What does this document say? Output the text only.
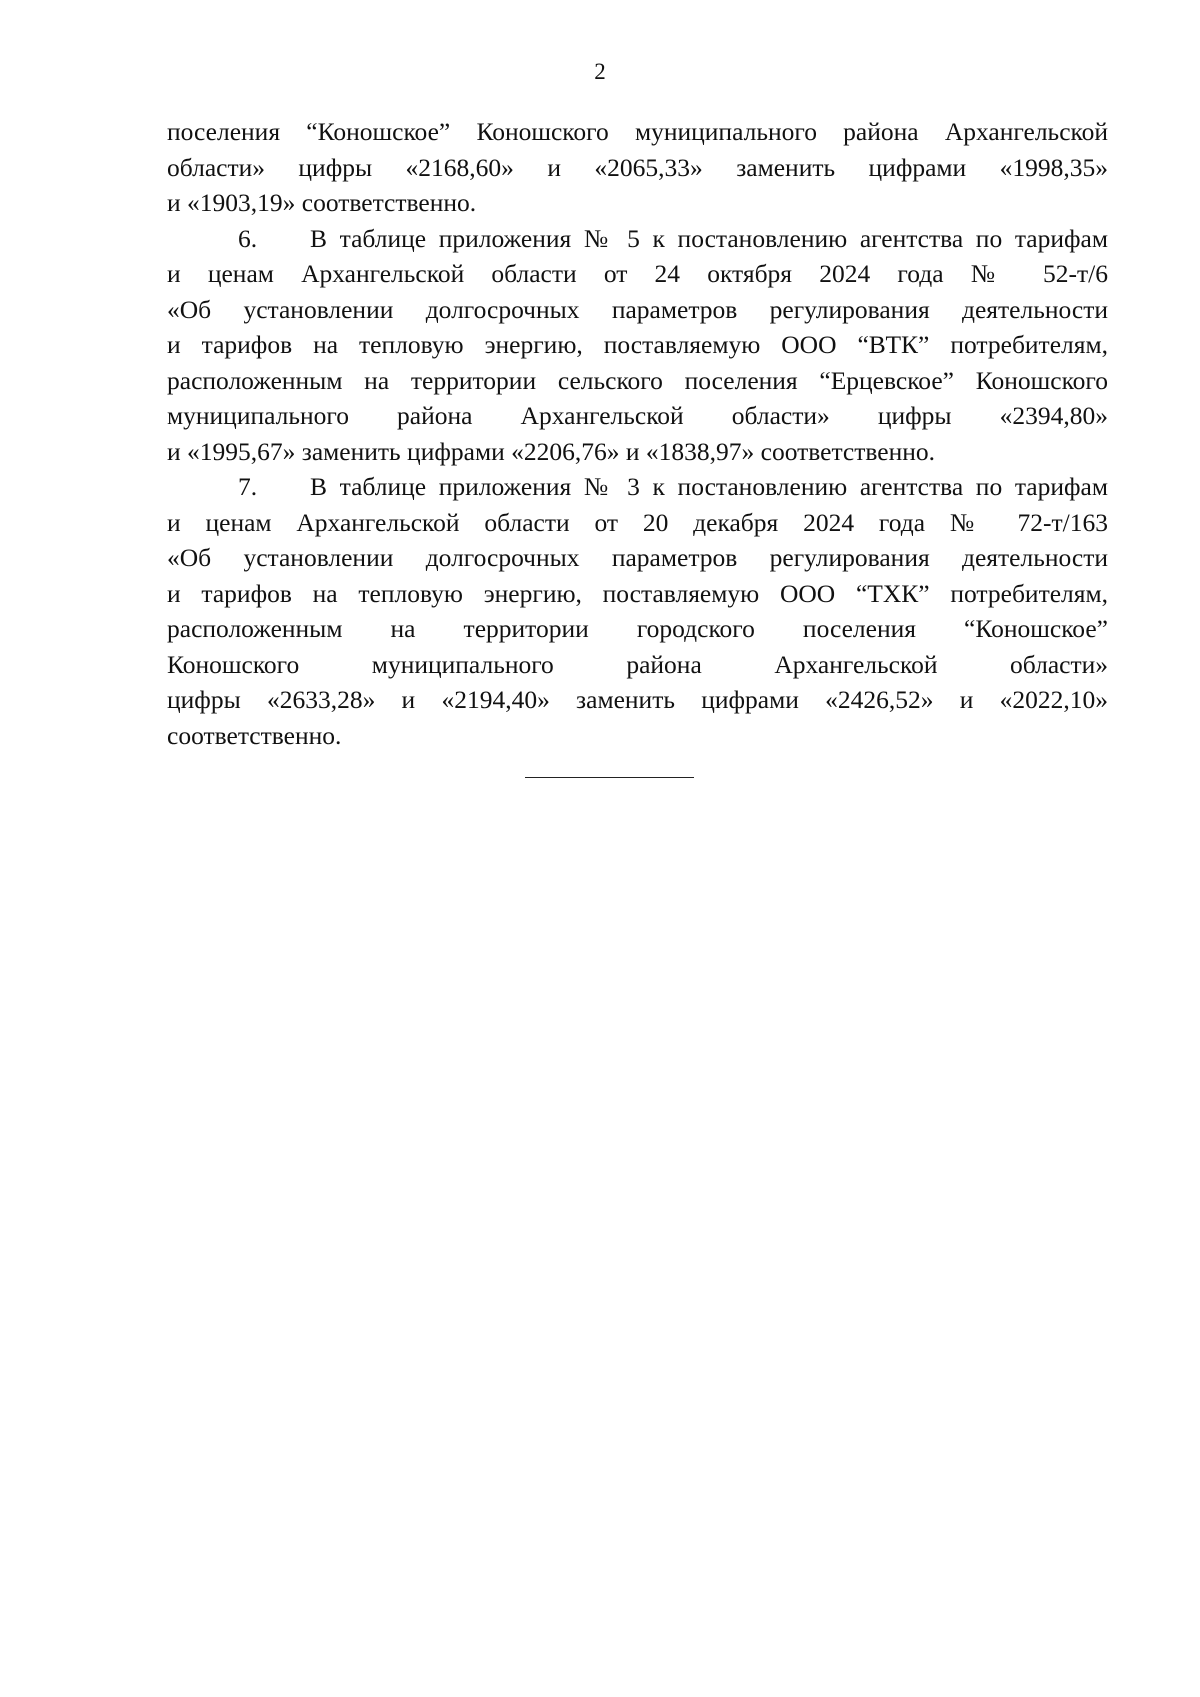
2
поселения “Коношское” Коношского муниципального района Архангельской
области» цифры «2168,60» и «2065,33» заменить цифрами «1998,35»
и «1903,19» соответственно.
6. В таблице приложения № 5 к постановлению агентства по тарифам
и ценам Архангельской области от 24 октября 2024 года № 52-т/6
«Об установлении долгосрочных параметров регулирования деятельности
и тарифов на тепловую энергию, поставляемую ООО “ВТК” потребителям,
расположенным на территории сельского поселения “Ерцевское” Коношского
муниципального района Архангельской области» цифры «2394,80»
и «1995,67» заменить цифрами «2206,76» и «1838,97» соответственно.
7. В таблице приложения № 3 к постановлению агентства по тарифам
и ценам Архангельской области от 20 декабря 2024 года № 72-т/163
«Об установлении долгосрочных параметров регулирования деятельности
и тарифов на тепловую энергию, поставляемую ООО “ТХК” потребителям,
расположенным на территории городского поселения “Коношское”
Коношского муниципального района Архангельской области»
цифры «2633,28» и «2194,40» заменить цифрами «2426,52» и «2022,10»
соответственно.
